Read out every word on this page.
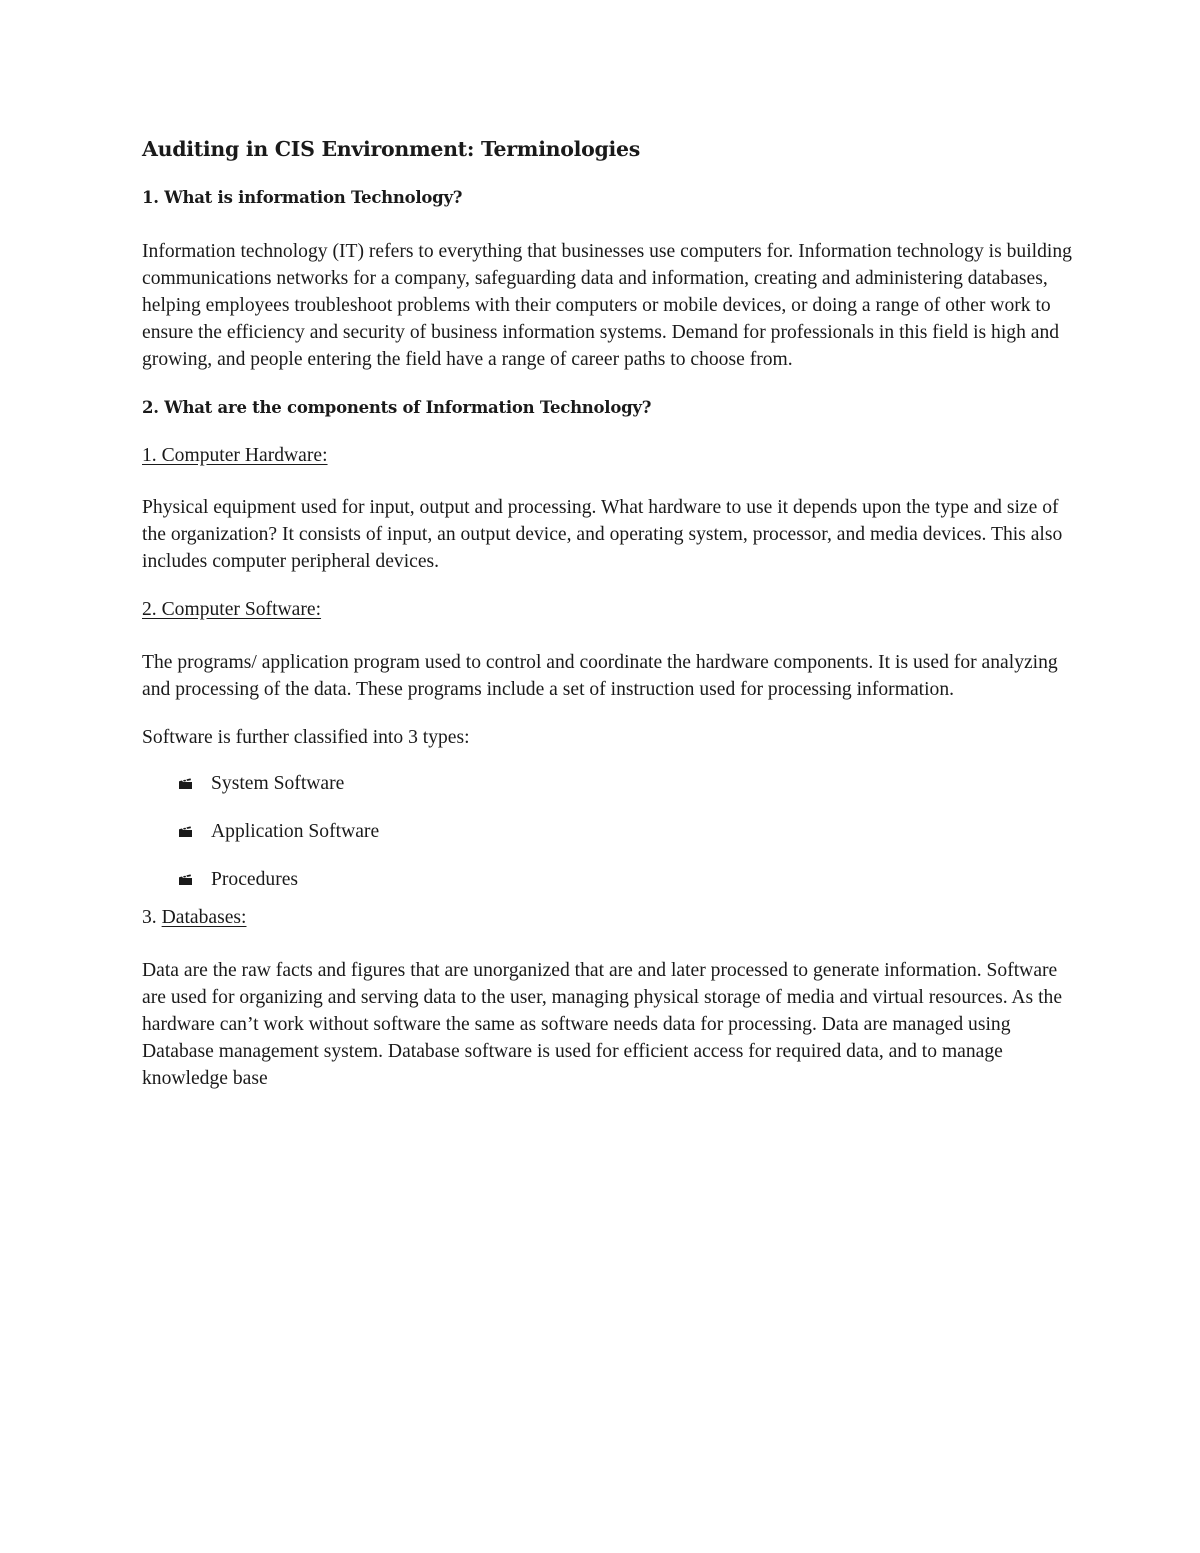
Auditing in CIS Environment: Terminologies
1. What is information Technology?

Information technology (IT) refers to everything that businesses use computers for. Information technology is building communications networks for a company, safeguarding data and information, creating and administering databases, helping employees troubleshoot problems with their computers or mobile devices, or doing a range of other work to ensure the efficiency and security of business information systems. Demand for professionals in this field is high and growing, and people entering the field have a range of career paths to choose from.

2. What are the components of Information Technology?

1. Computer Hardware:

Physical equipment used for input, output and processing. What hardware to use it depends upon the type and size of the organization? It consists of input, an output device, and operating system, processor, and media devices. This also includes computer peripheral devices.

2. Computer Software:

The programs/ application program used to control and coordinate the hardware components. It is used for analyzing and processing of the data. These programs include a set of instruction used for processing information.

Software is further classified into 3 types:

System Software
Application Software
Procedures

3. Databases:

Data are the raw facts and figures that are unorganized that are and later processed to generate information. Software are used for organizing and serving data to the user, managing physical storage of media and virtual resources. As the hardware can’t work without software the same as software needs data for processing. Data are managed using Database management system. Database software is used for efficient access for required data, and to manage knowledge base
